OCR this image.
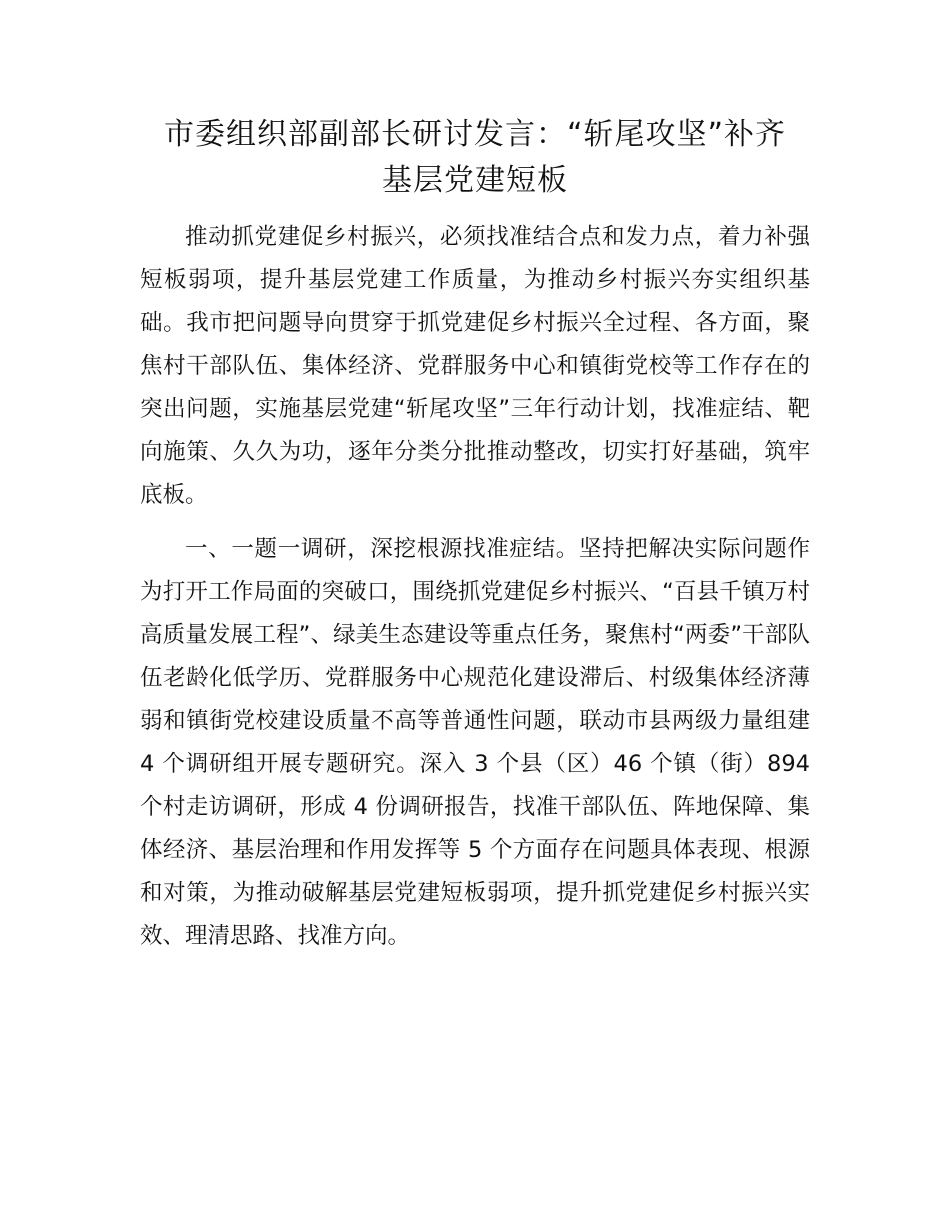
市委组织部副部长研讨发言：“斩尾攻坚”补齐
基层党建短板

推动抓党建促乡村振兴，必须找准结合点和发力点，着力补强短板弱项，提升基层党建工作质量，为推动乡村振兴夯实组织基础。我市把问题导向贯穿于抓党建促乡村振兴全过程、各方面，聚焦村干部队伍、集体经济、党群服务中心和镇街党校等工作存在的突出问题，实施基层党建“斩尾攻坚”三年行动计划，找准症结、靶向施策、久久为功，逐年分类分批推动整改，切实打好基础，筑牢底板。

一、一题一调研，深挖根源找准症结。坚持把解决实际问题作为打开工作局面的突破口，围绕抓党建促乡村振兴、“百县千镇万村高质量发展工程”、绿美生态建设等重点任务，聚焦村“两委”干部队伍老龄化低学历、党群服务中心规范化建设滞后、村级集体经济薄弱和镇街党校建设质量不高等普通性问题，联动市县两级力量组建 4 个调研组开展专题研究。深入 3 个县（区）46 个镇（街）894 个村走访调研，形成 4 份调研报告，找准干部队伍、阵地保障、集体经济、基层治理和作用发挥等 5 个方面存在问题具体表现、根源和对策，为推动破解基层党建短板弱项，提升抓党建促乡村振兴实效、理清思路、找准方向。
